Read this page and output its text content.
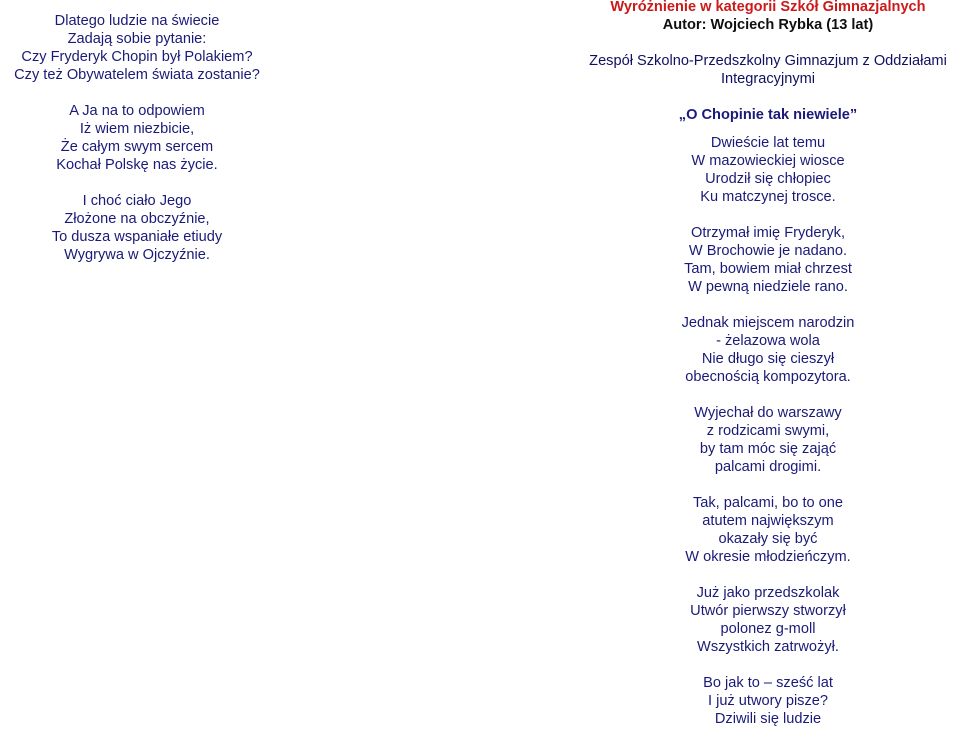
Dlatego ludzie na świecie
Zadają sobie pytanie:
Czy Fryderyk Chopin był Polakiem?
Czy też Obywatelem świata zostanie?
A Ja na to odpowiem
Iż wiem niezbicie,
Że całym swym sercem
Kochał Polskę nas życie.
I choć ciało Jego
Złożone na obczyźnie,
To dusza wspaniałe etiudy
Wygrywa w Ojczyźnie.
Wyróżnienie w kategorii Szkół Gimnazjalnych
Autor: Wojciech Rybka (13 lat)
Zespół Szkolno-Przedszkolny Gimnazjum z Oddziałami
Integracyjnymi
„O Chopinie tak niewiele”
Dwieście lat temu
W mazowieckiej wiosce
Urodził się chłopiec
Ku matczynej trosce.
Otrzymał imię Fryderyk,
W Brochowie je nadano.
Tam, bowiem miał chrzest
W pewną niedziele rano.
Jednak miejscem narodzin
- żelazowa wola
Nie długo się cieszył
obecnością kompozytora.
Wyjechał do warszawy
z rodzicami swymi,
by tam móc się zająć
palcami drogimi.
Tak, palcami, bo to one
atutem największym
okazały się być
W okresie młodzieńczym.
Już jako przedszkolak
Utwór pierwszy stworzył
polonez g-moll
Wszystkich zatrwożył.
Bo jak to – sześć lat
I już utwory pisze?
Dziwili się ludzie
